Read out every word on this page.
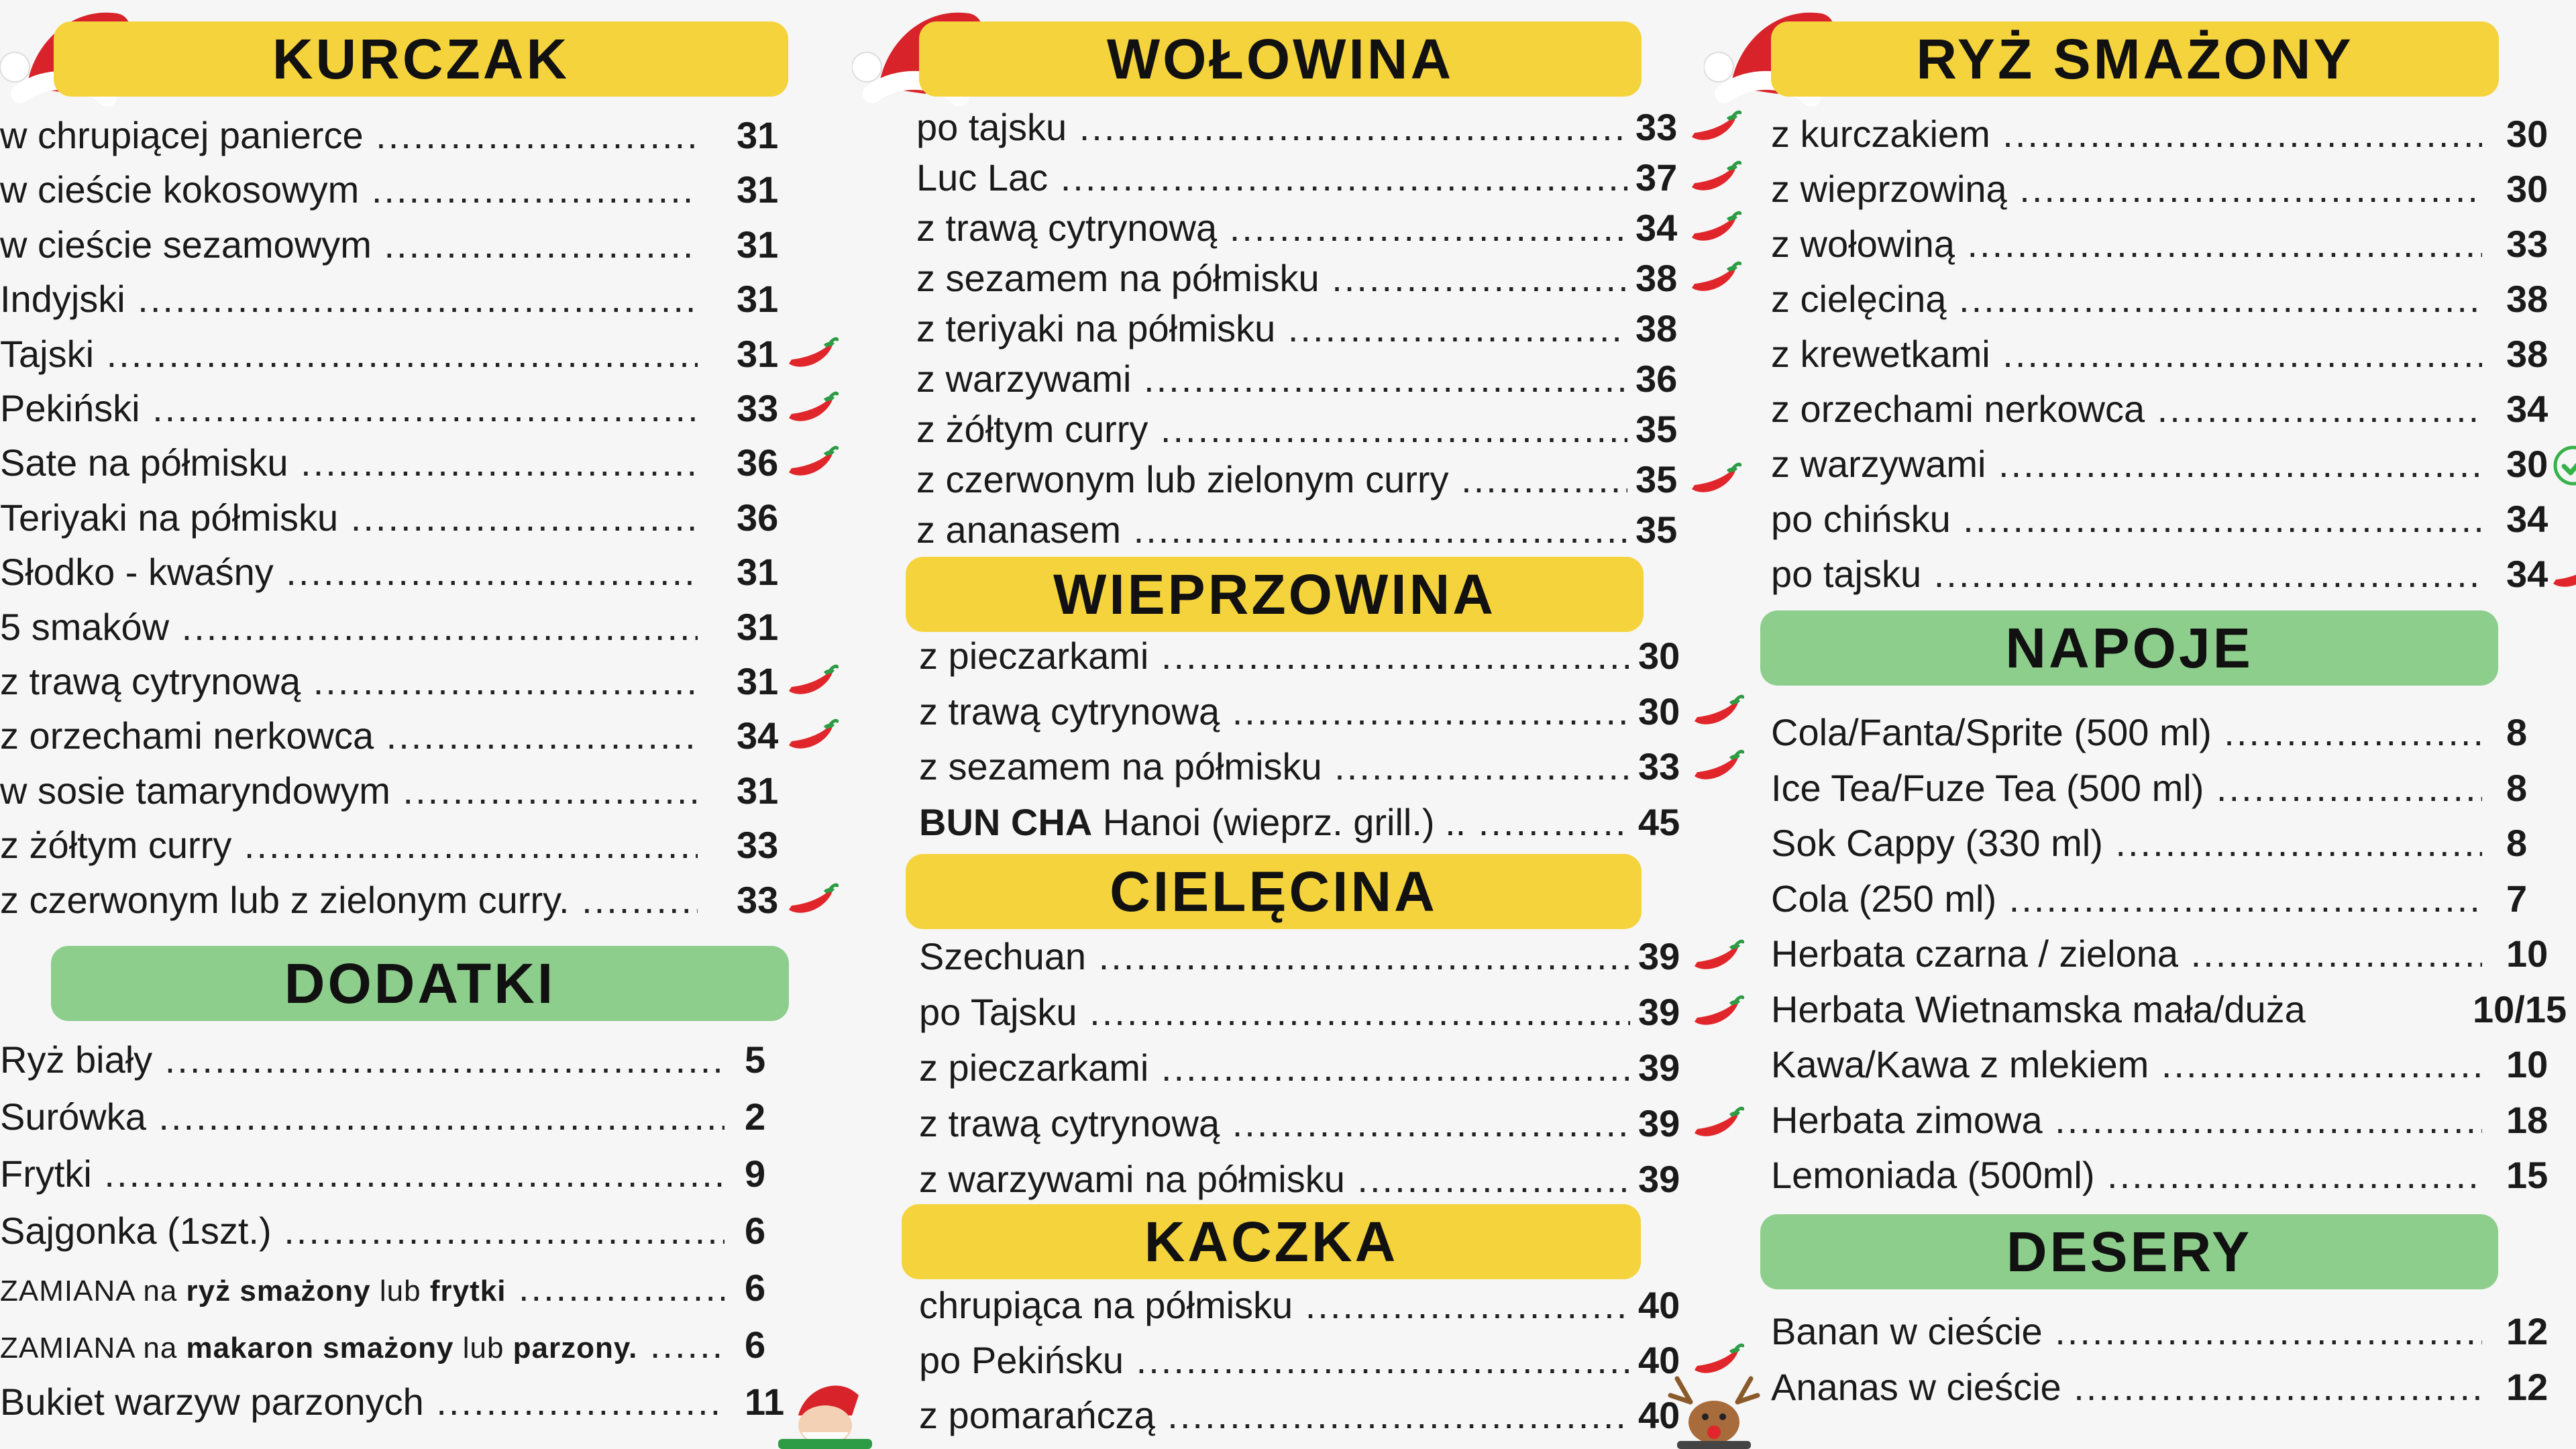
KURCZAK
w chrupiącej panierce .....	31
w cieście kokosowym .....	31
w cieście sezamowym .....	31
Indyjski .....	31
Tajski .....	31
Pekiński .....	33
Sate na półmisku .....	36
Teriyaki na półmisku .....	36
Słodko - kwaśny .....	31
5 smaków .....	31
z trawą cytrynową .....	31
z orzechami nerkowca .....	34
w sosie tamaryndowym .....	31
z żółtym curry .....	33
z czerwonym lub z zielonym curry. .....	33
DODATKI
Ryż biały .....	5
Surówka .....	2
Frytki .....	9
Sajgonka (1szt.) .....	6
ZAMIANA na ryż smażony lub frytki .....	6
ZAMIANA na makaron smażony lub parzony. .....	6
Bukiet warzyw parzonych .....	11
WOŁOWINA
po tajsku .....	33
Luc Lac .....	37
z trawą cytrynową .....	34
z sezamem na półmisku .....	38
z teriyaki na półmisku .....	38
z warzywami .....	36
z żółtym curry .....	35
z czerwonym lub zielonym curry .....	35
z ananasem .....	35
WIEPRZOWINA
z pieczarkami .....	30
z trawą cytrynową .....	30
z sezamem na półmisku .....	33
BUN CHA Hanoi (wieprz. grill.) .. .....	45
CIELĘCINA
Szechuan .....	39
po Tajsku .....	39
z pieczarkami .....	39
z trawą cytrynową .....	39
z warzywami na półmisku .....	39
KACZKA
chrupiąca na półmisku .....	40
po Pekińsku .....	40
z pomarańczą .....	40
RYŻ SMAŻONY
z kurczakiem .....	30
z wieprzowiną .....	30
z wołowiną .....	33
z cielęciną .....	38
z krewetkami .....	38
z orzechami nerkowca .....	34
z warzywami .....	30
po chińsku .....	34
po tajsku .....	34
NAPOJE
Cola/Fanta/Sprite (500 ml) .....	8
Ice Tea/Fuze Tea (500 ml) .....	8
Sok Cappy (330 ml) .....	8
Cola (250 ml) .....	7
Herbata czarna / zielona .....	10
Herbata Wietnamska mała/duża	10/15
Kawa/Kawa z mlekiem .....	10
Herbata zimowa .....	18
Lemoniada (500ml) .....	15
DESERY
Banan w cieście .....	12
Ananas w cieście .....	12
